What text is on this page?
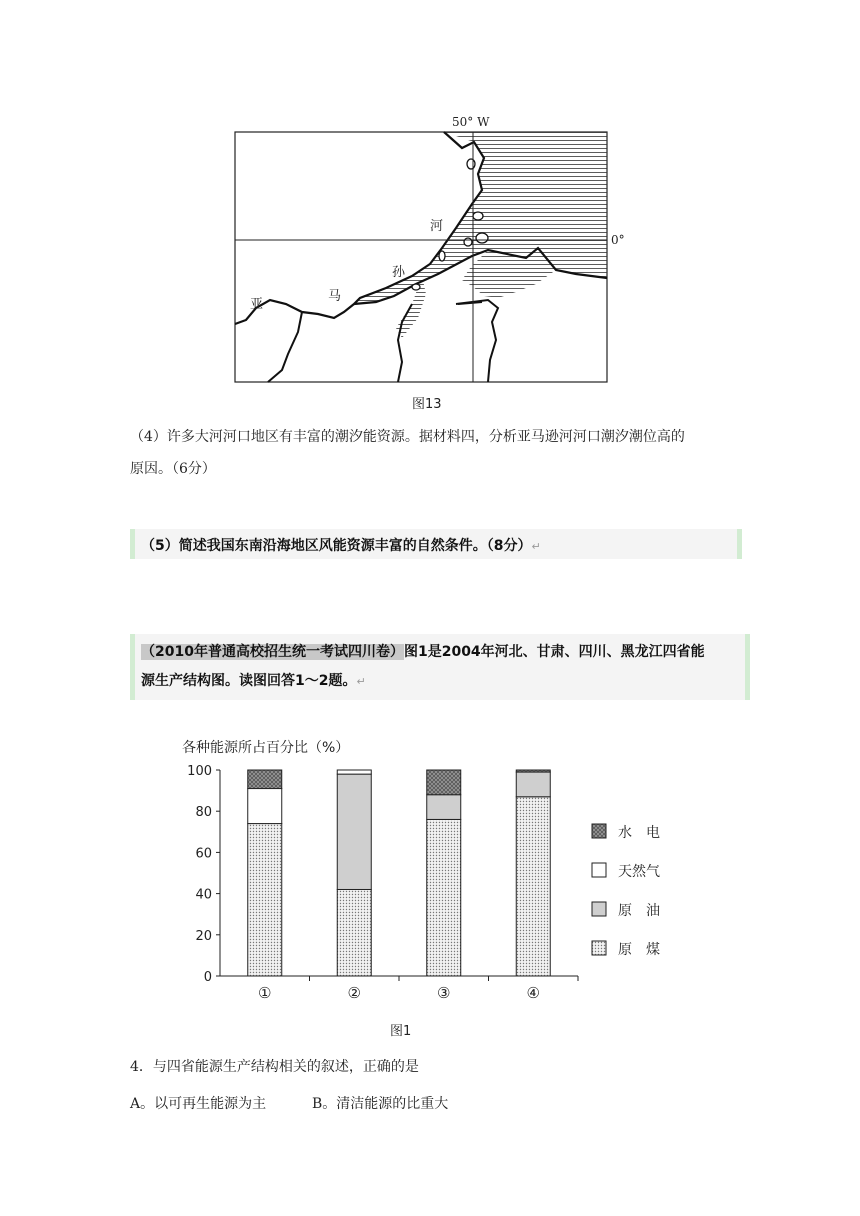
50° W
0°
亚
马
孙
河
图13
（4）许多大河河口地区有丰富的潮汐能资源。据材料四，分析亚马逊河河口潮汐潮位高的
原因。（6分）
（5）简述我国东南沿海地区风能资源丰富的自然条件。（8分）↵
（2010年普通高校招生统一考试四川卷）图1是2004年河北、甘肃、四川、黑龙江四省能
源生产结构图。读图回答1～2题。↵
各种能源所占百分比（%）
0
20
40
60
80
100
①	②	③	④
水　电
天然气
原　油
原　煤
图1
4．与四省能源生产结构相关的叙述，正确的是
A。以可再生能源为主	B。清洁能源的比重大
